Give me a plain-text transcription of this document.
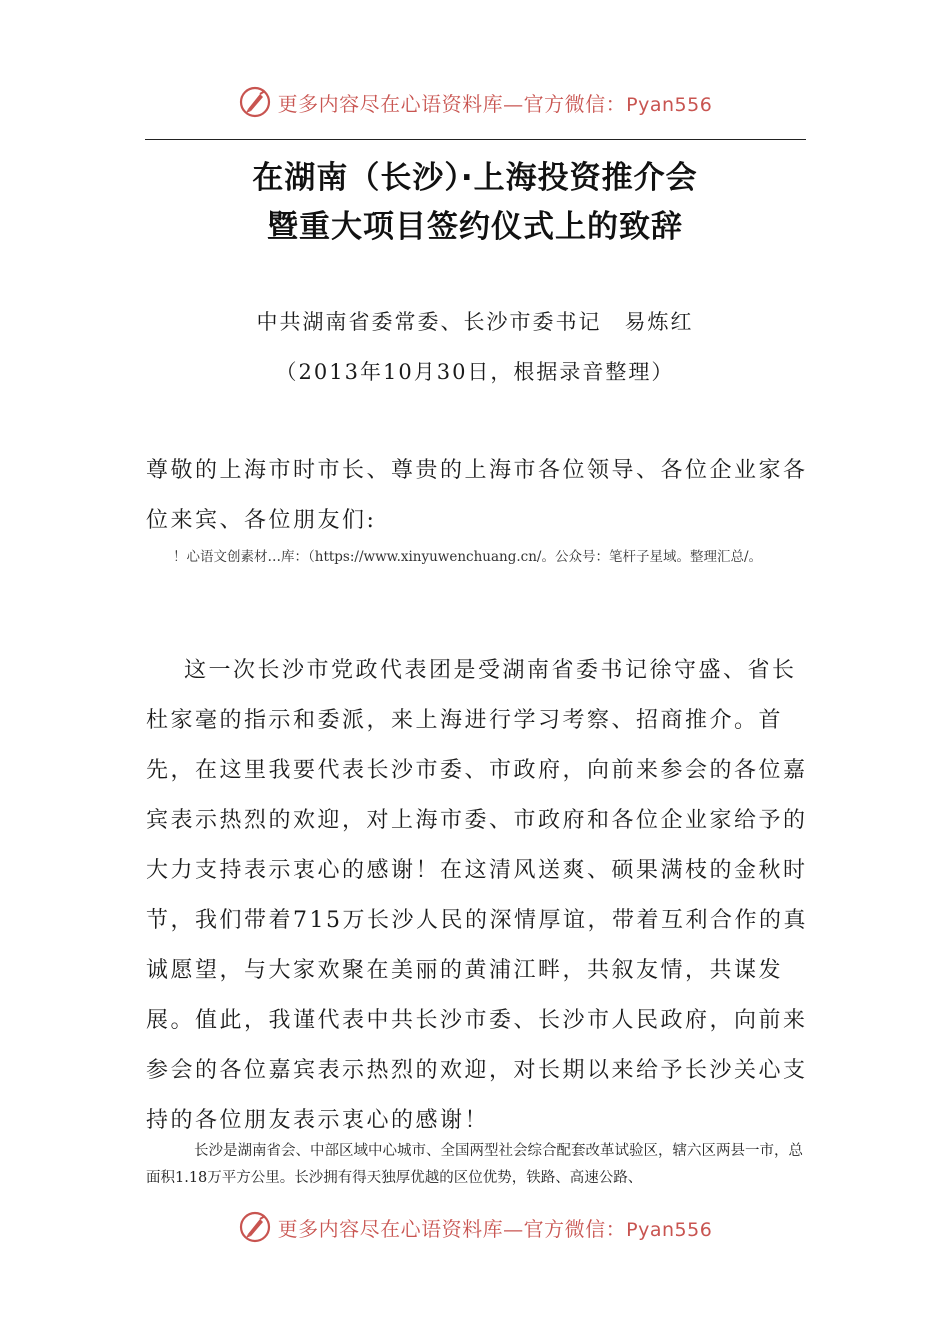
更多内容尽在心语资料库—官方微信：Pyan556
在湖南（长沙）·上海投资推介会
暨重大项目签约仪式上的致辞
中共湖南省委常委、长沙市委书记　易炼红
（2013年10月30日，根据录音整理）
尊敬的上海市时市长、尊贵的上海市各位领导、各位企业家各位来宾、各位朋友们:
！心语文创素材…库：（https://www.xinyuwenchuang.cn/。公众号：笔杆子星域。整理汇总/。
这一次长沙市党政代表团是受湖南省委书记徐守盛、省长杜家毫的指示和委派，来上海进行学习考察、招商推介。首先，在这里我要代表长沙市委、市政府，向前来参会的各位嘉宾表示热烈的欢迎，对上海市委、市政府和各位企业家给予的大力支持表示衷心的感谢！在这清风送爽、硕果满枝的金秋时节，我们带着715万长沙人民的深情厚谊，带着互利合作的真诚愿望，与大家欢聚在美丽的黄浦江畔，共叙友情，共谋发展。值此，我谨代表中共长沙市委、长沙市人民政府，向前来参会的各位嘉宾表示热烈的欢迎，对长期以来给予长沙关心支持的各位朋友表示衷心的感谢！
长沙是湖南省会、中部区域中心城市、全国两型社会综合配套改革试验区，辖六区两县一市，总面积1.18万平方公里。长沙拥有得天独厚优越的区位优势，铁路、高速公路、
更多内容尽在心语资料库—官方微信：Pyan556
